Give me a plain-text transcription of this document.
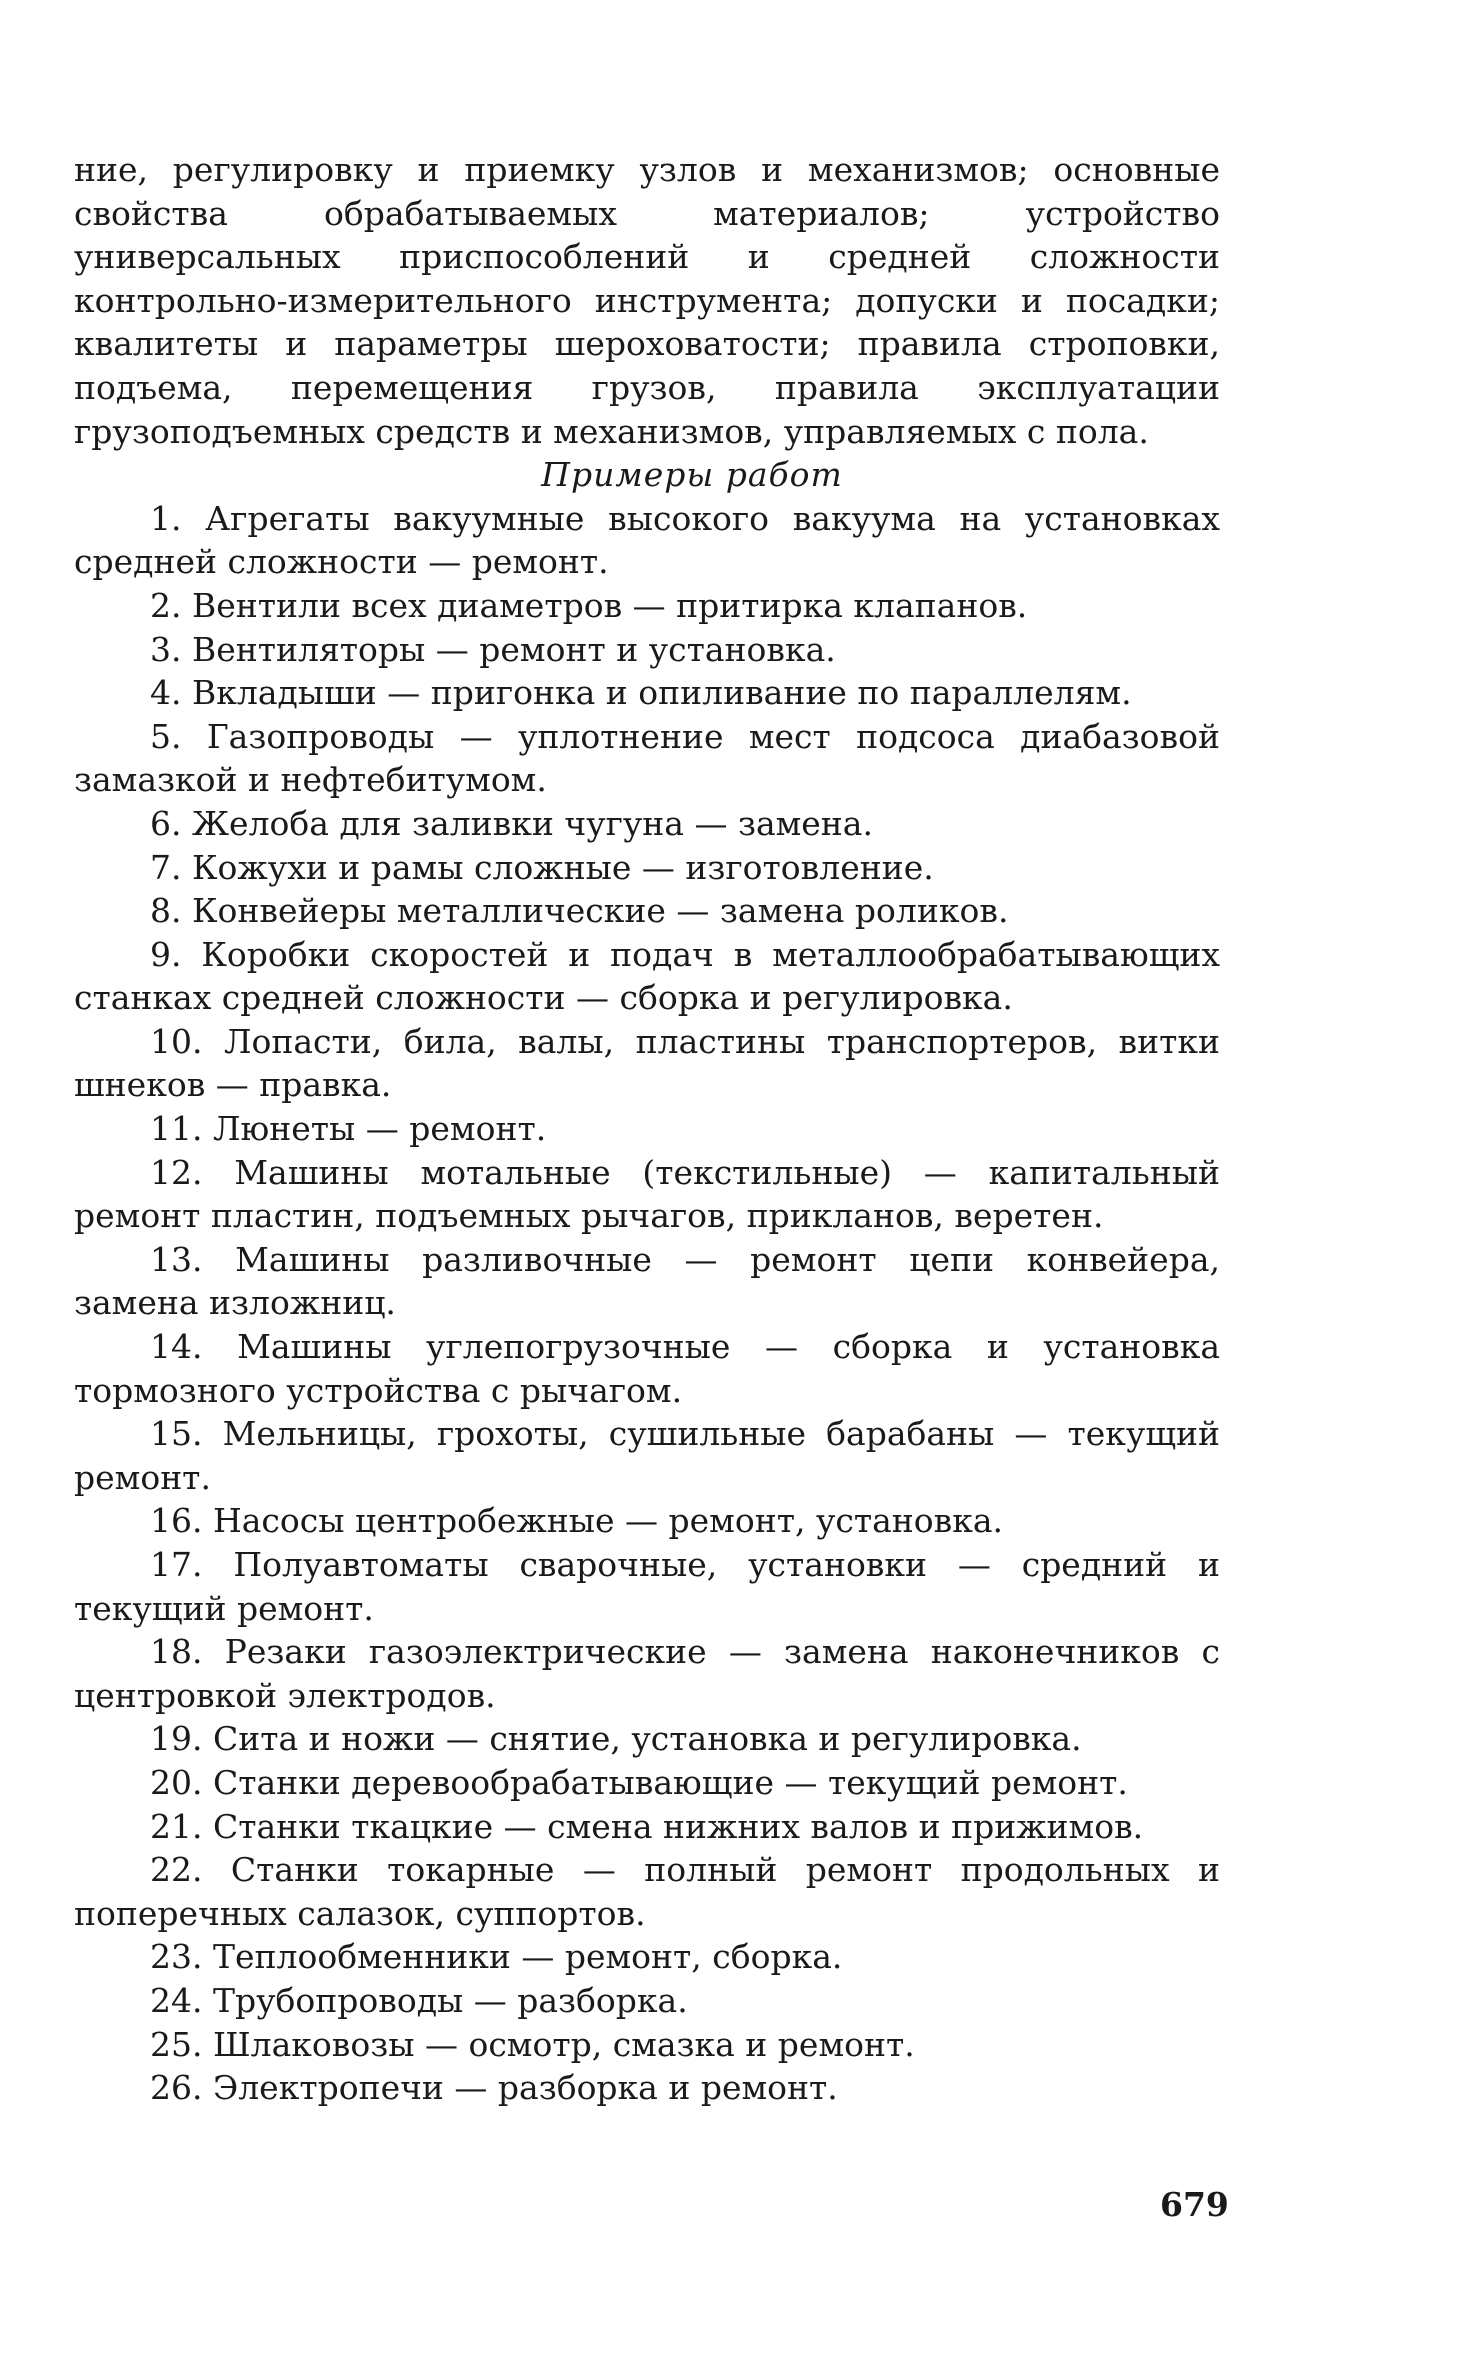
ние, регулировку и приемку узлов и механизмов; основные свойства обрабатываемых материалов; устройство универсальных приспособлений и средней сложности контрольно-измерительного инструмента; допуски и посадки; квалитеты и параметры шероховатости; правила строповки, подъема, перемещения грузов, правила эксплуатации грузоподъемных средств и механизмов, управляемых с пола.

Примеры работ

1. Агрегаты вакуумные высокого вакуума на установках средней сложности — ремонт.
2. Вентили всех диаметров — притирка клапанов.
3. Вентиляторы — ремонт и установка.
4. Вкладыши — пригонка и опиливание по параллелям.
5. Газопроводы — уплотнение мест подсоса диабазовой замазкой и нефтебитумом.
6. Желоба для заливки чугуна — замена.
7. Кожухи и рамы сложные — изготовление.
8. Конвейеры металлические — замена роликов.
9. Коробки скоростей и подач в металлообрабатывающих станках средней сложности — сборка и регулировка.
10. Лопасти, била, валы, пластины транспортеров, витки шнеков — правка.
11. Люнеты — ремонт.
12. Машины мотальные (текстильные) — капитальный ремонт пластин, подъемных рычагов, прикланов, веретен.
13. Машины разливочные — ремонт цепи конвейера, замена изложниц.
14. Машины углепогрузочные — сборка и установка тормозного устройства с рычагом.
15. Мельницы, грохоты, сушильные барабаны — текущий ремонт.
16. Насосы центробежные — ремонт, установка.
17. Полуавтоматы сварочные, установки — средний и текущий ремонт.
18. Резаки газоэлектрические — замена наконечников с центровкой электродов.
19. Сита и ножи — снятие, установка и регулировка.
20. Станки деревообрабатывающие — текущий ремонт.
21. Станки ткацкие — смена нижних валов и прижимов.
22. Станки токарные — полный ремонт продольных и поперечных салазок, суппортов.
23. Теплообменники — ремонт, сборка.
24. Трубопроводы — разборка.
25. Шлаковозы — осмотр, смазка и ремонт.
26. Электропечи — разборка и ремонт.
679
